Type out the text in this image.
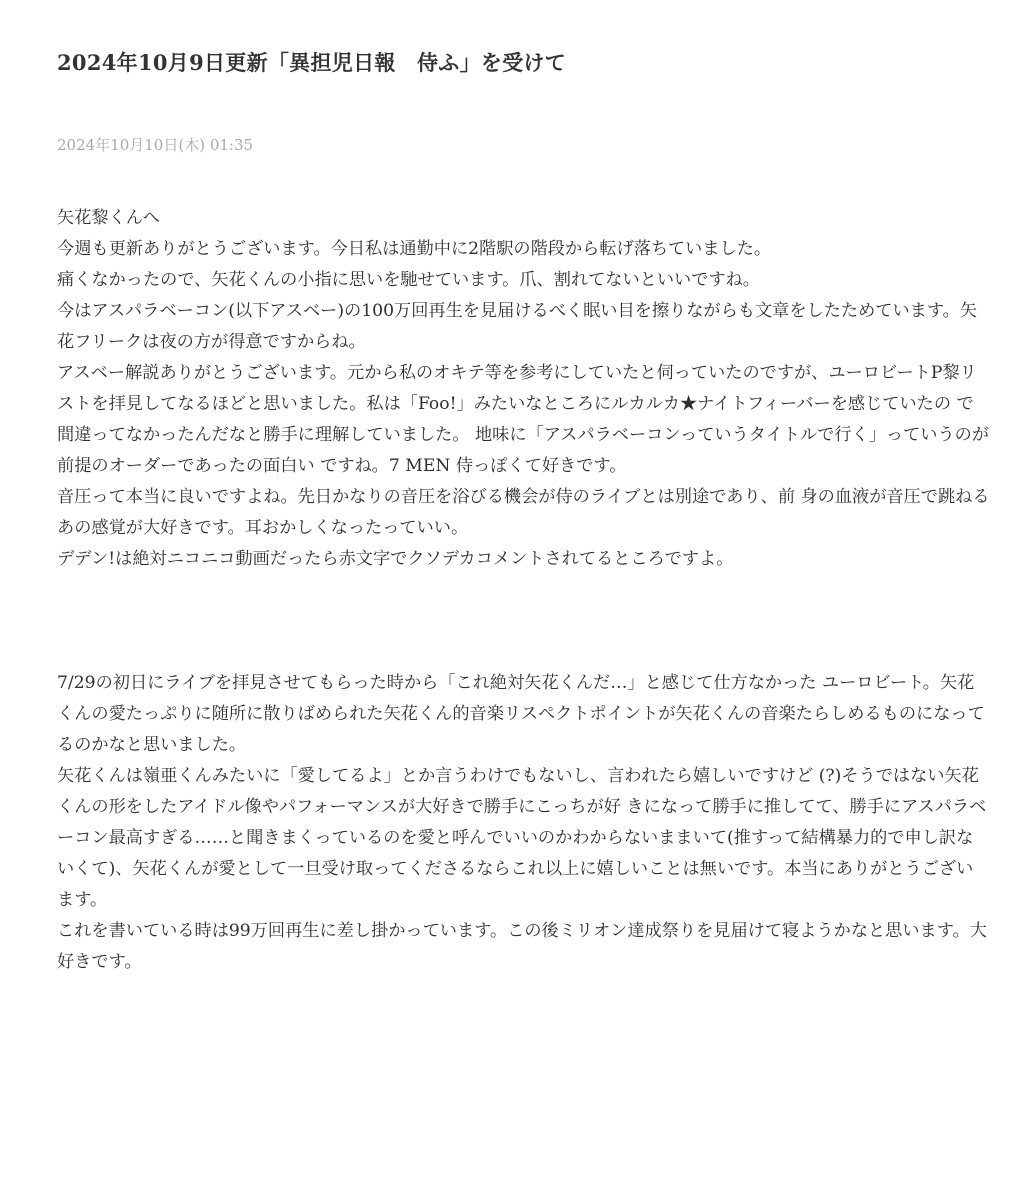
2024年10月9日更新「異担児日報　侍ふ」を受けて
2024年10月10日(木) 01:35

矢花黎くんへ

今週も更新ありがとうございます。今日私は通勤中に2階駅の階段から転げ落ちていました。

痛くなかったので、矢花くんの小指に思いを馳せています。爪、割れてないといいですね。

今はアスパラベーコン(以下アスベー)の100万回再生を見届けるべく眠い目を擦りながらも文章をしたためています。矢花フリークは夜の方が得意ですからね。

アスベー解説ありがとうございます。元から私のオキテ等を参考にしていたと伺っていたのですが、ユーロビートP黎リストを拝見してなるほどと思いました。私は「Foo!」みたいなところにルカルカ★ナイトフィーバーを感じていたの で間違ってなかったんだなと勝手に理解していました。 地味に「アスパラベーコンっていうタイトルで行く」っていうのが前提のオーダーであったの面白い ですね。7 MEN 侍っぽくて好きです。

音圧って本当に良いですよね。先日かなりの音圧を浴びる機会が侍のライブとは別途であり、前 身の血液が音圧で跳ねるあの感覚が大好きです。耳おかしくなったっていい。

デデン!は絶対ニコニコ動画だったら赤文字でクソデカコメントされてるところですよ。

7/29の初日にライブを拝見させてもらった時から「これ絶対矢花くんだ…」と感じて仕方なかった ユーロビート。矢花くんの愛たっぷりに随所に散りばめられた矢花くん的音楽リスペクトポイントが矢花くんの音楽たらしめるものになってるのかなと思いました。

矢花くんは嶺亜くんみたいに「愛してるよ」とか言うわけでもないし、言われたら嬉しいですけど (?)そうではない矢花くんの形をしたアイドル像やパフォーマンスが大好きで勝手にこっちが好 きになって勝手に推してて、勝手にアスパラベーコン最高すぎる……と聞きまくっているのを愛と呼んでいいのかわからないままいて(推すって結構暴力的で申し訳ないくて)、矢花くんが愛として一旦受け取ってくださるならこれ以上に嬉しいことは無いです。本当にありがとうございます。

これを書いている時は99万回再生に差し掛かっています。この後ミリオン達成祭りを見届けて寝ようかなと思います。大好きです。
